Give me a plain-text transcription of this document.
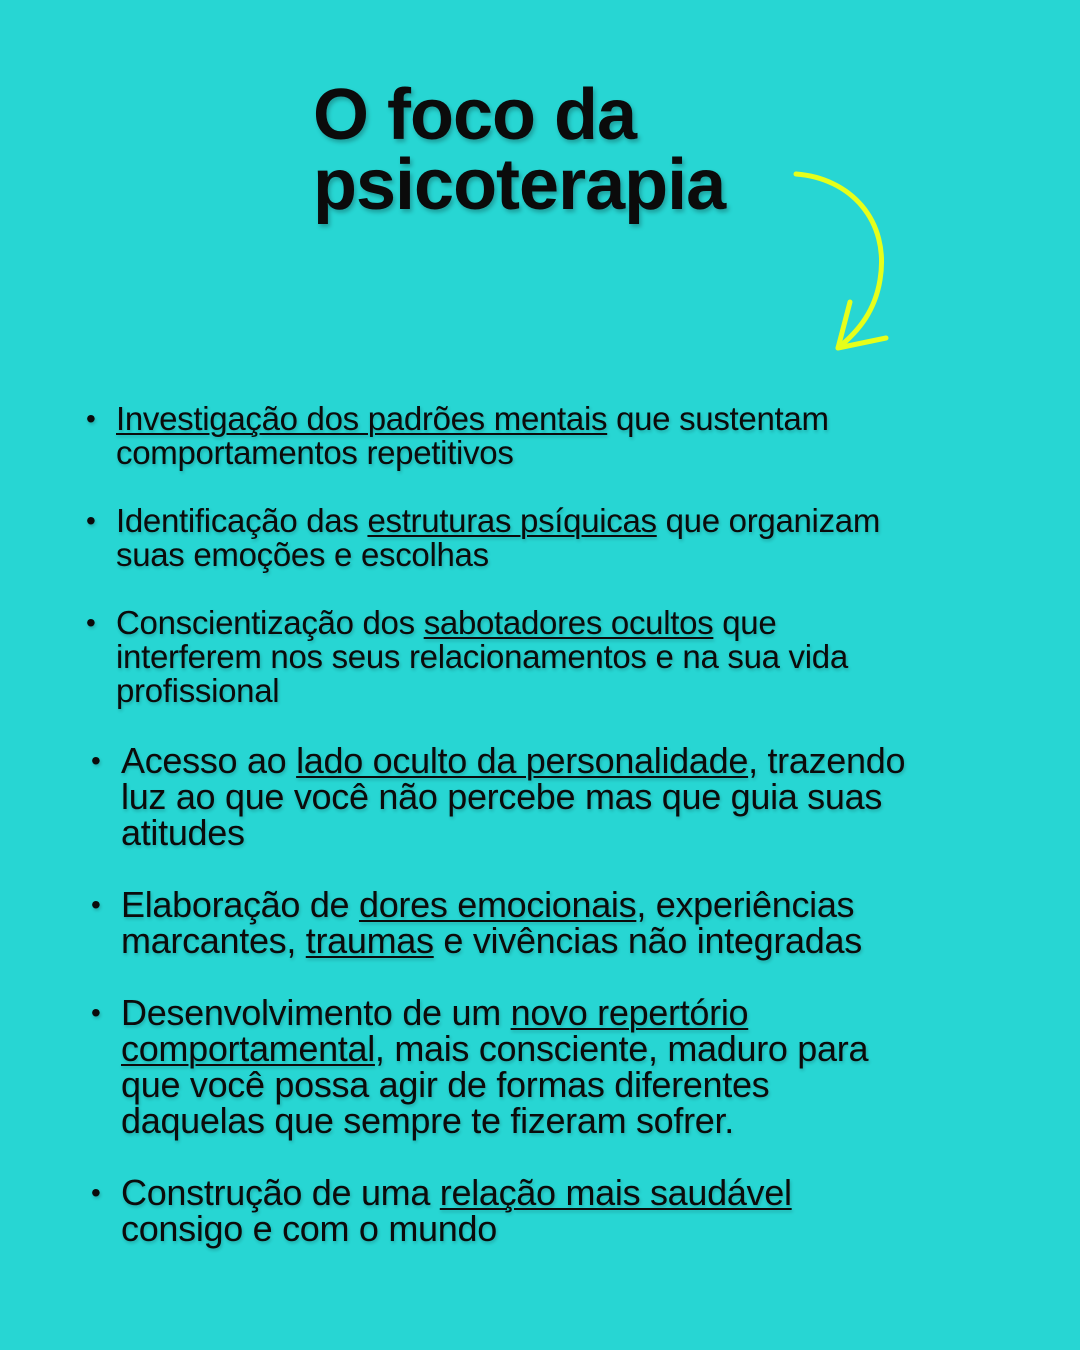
O foco da
psicoterapia
• Investigação dos padrões mentais que sustentam
comportamentos repetitivos
• Identificação das estruturas psíquicas que organizam
suas emoções e escolhas
• Conscientização dos sabotadores ocultos que
interferem nos seus relacionamentos e na sua vida
profissional
• Acesso ao lado oculto da personalidade, trazendo
luz ao que você não percebe mas que guia suas
atitudes
• Elaboração de dores emocionais, experiências
marcantes, traumas e vivências não integradas
• Desenvolvimento de um novo repertório
comportamental, mais consciente, maduro para
que você possa agir de formas diferentes
daquelas que sempre te fizeram sofrer.
• Construção de uma relação mais saudável
consigo e com o mundo
